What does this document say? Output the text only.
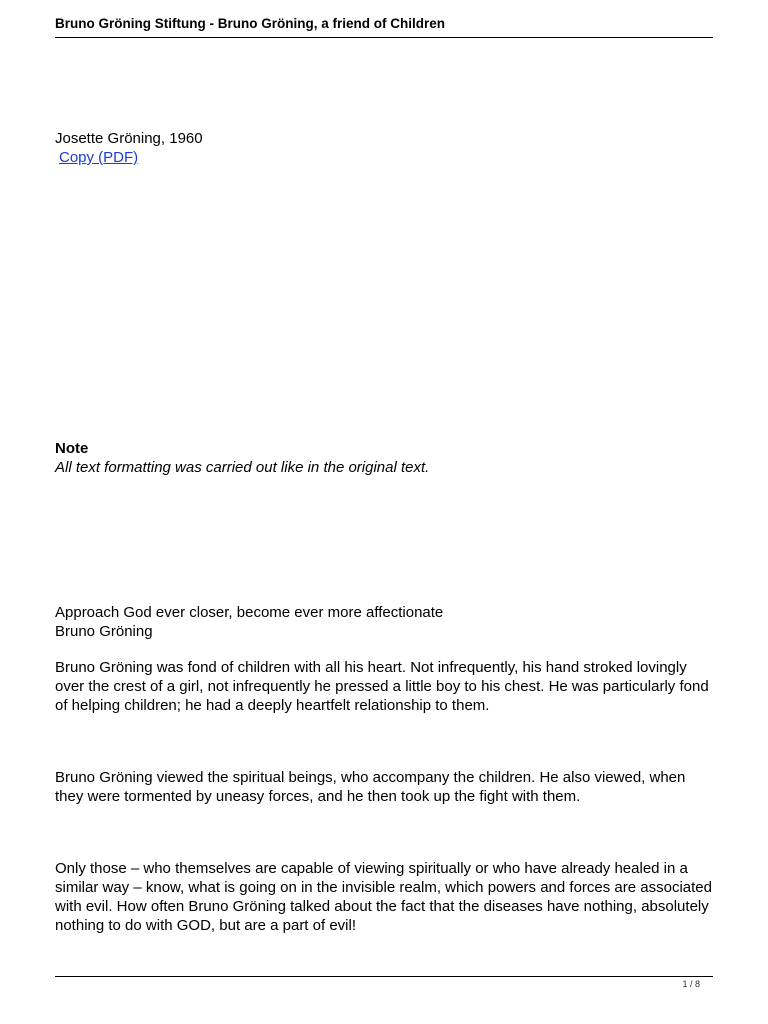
Bruno Gröning Stiftung - Bruno Gröning, a friend of Children
Josette Gröning, 1960
Copy (PDF)
Note
All text formatting was carried out like in the original text.
Approach God ever closer, become ever more affectionate
Bruno Gröning
Bruno Gröning was fond of children with all his heart. Not infrequently, his hand stroked lovingly over the crest of a girl, not infrequently he pressed a little boy to his chest. He was particularly fond of helping children; he had a deeply heartfelt relationship to them.
Bruno Gröning viewed the spiritual beings, who accompany the children. He also viewed, when they were tormented by uneasy forces, and he then took up the fight with them.
Only those – who themselves are capable of viewing spiritually or who have already healed in a similar way – know, what is going on in the invisible realm, which powers and forces are associated with evil. How often Bruno Gröning talked about the fact that the diseases have nothing, absolutely nothing to do with GOD, but are a part of evil!
1 / 8
